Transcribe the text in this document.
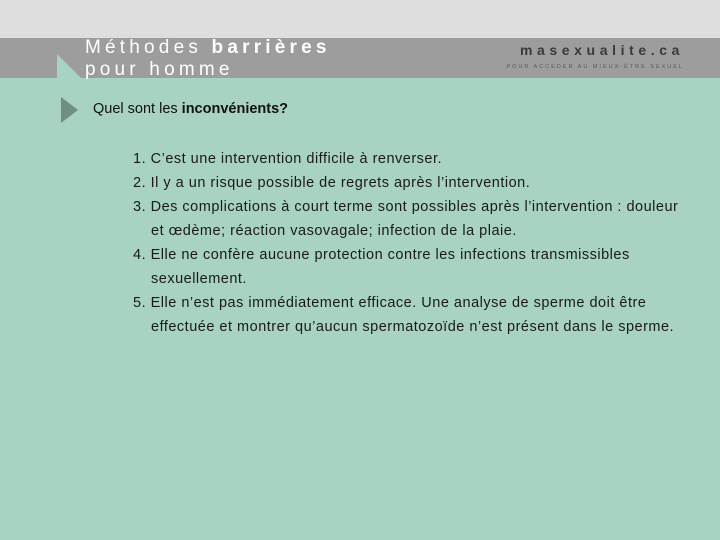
Méthodes barrières
pour homme
masexualite.ca
POUR ACCÉDER AU MIEUX-ÊTRE SEXUEL
Quel sont les inconvénients?
1. C’est une intervention difficile à renverser.
2. Il y a un risque possible de regrets après l’intervention.
3. Des complications à court terme sont possibles après l’intervention : douleur et œdème; réaction vasovagale; infection de la plaie.
4. Elle ne confère aucune protection contre les infections transmissibles sexuellement.
5. Elle n’est pas immédiatement efficace. Une analyse de sperme doit être effectuée et montrer qu’aucun spermatozoïde n’est présent dans le sperme.
